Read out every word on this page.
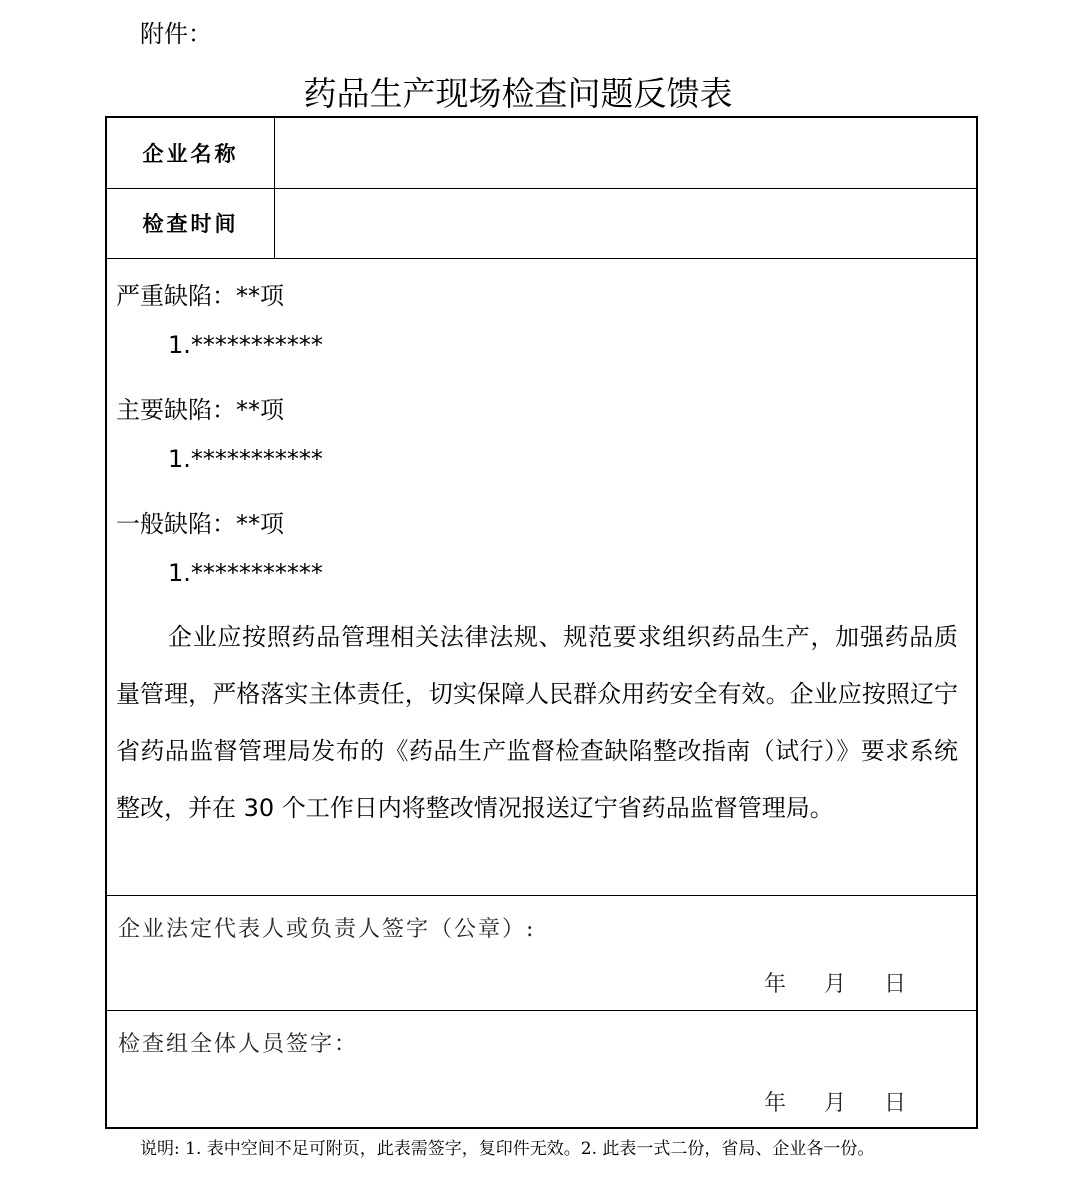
附件：
药品生产现场检查问题反馈表
企业名称
检查时间
严重缺陷：**项
1.***********
主要缺陷：**项
1.***********
一般缺陷：**项
1.***********

企业应按照药品管理相关法律法规、规范要求组织药品生产，加强药品质量管理，严格落实主体责任，切实保障人民群众用药安全有效。企业应按照辽宁省药品监督管理局发布的《药品生产监督检查缺陷整改指南（试行）》要求系统整改，并在 30 个工作日内将整改情况报送辽宁省药品监督管理局。

企业法定代表人或负责人签字（公章）:
年 月 日
检查组全体人员签字：
年 月 日
说明: 1. 表中空间不足可附页，此表需签字，复印件无效。2. 此表一式二份，省局、企业各一份。
